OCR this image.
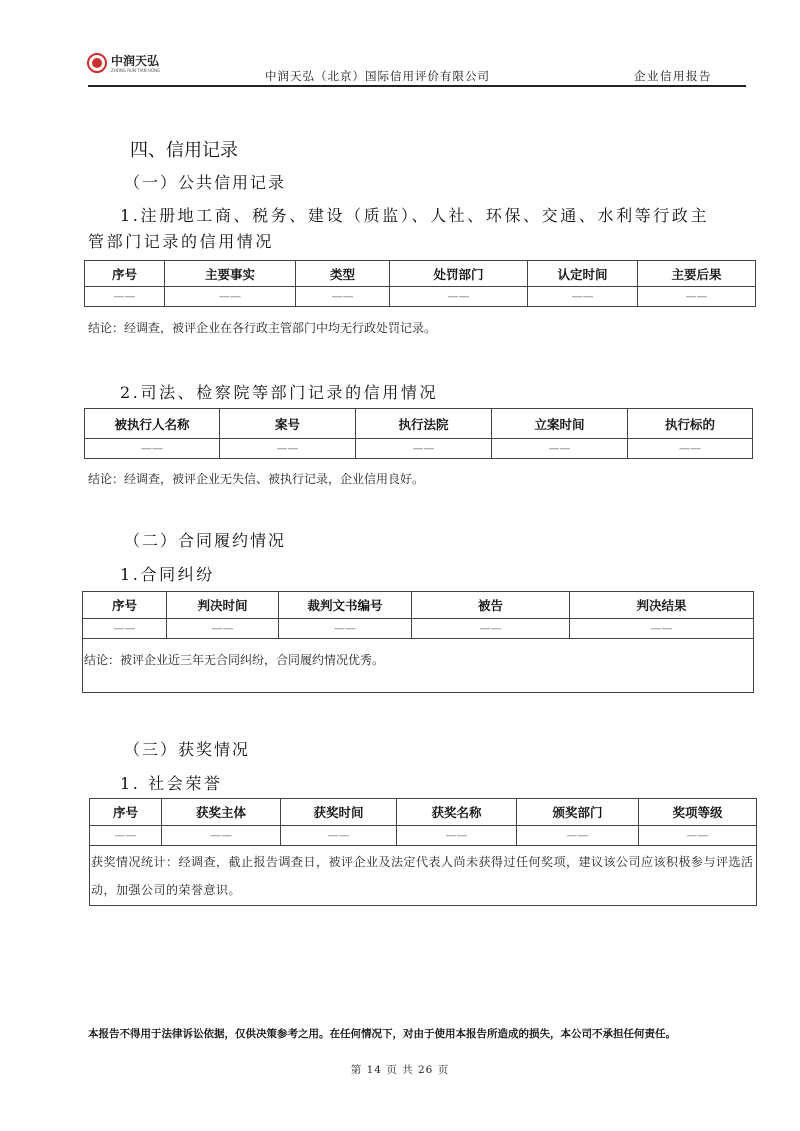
中润天弘
ZHONG RUN TIAN HONG	中润天弘（北京）国际信用评价有限公司	企业信用报告
四、信用记录
（一）公共信用记录
1.注册地工商、税务、建设（质监）、人社、环保、交通、水利等行政主
管部门记录的信用情况
序号	主要事实	类型	处罚部门	认定时间	主要后果
——	——	——	——	——	——
结论：经调查，被评企业在各行政主管部门中均无行政处罚记录。
2.司法、检察院等部门记录的信用情况
被执行人名称	案号	执行法院	立案时间	执行标的
——	——	——	——	——
结论：经调查，被评企业无失信、被执行记录，企业信用良好。
（二）合同履约情况
1.合同纠纷
序号	判决时间	裁判文书编号	被告	判决结果
——	——	——	——	——
结论：被评企业近三年无合同纠纷，合同履约情况优秀。				
（三）获奖情况
1. 社会荣誉
序号	获奖主体	获奖时间	获奖名称	颁奖部门	奖项等级
——	——	——	——	——	——
获奖情况统计：经调查，截止报告调查日，被评企业及法定代表人尚未获得过任何奖项，建议该公司应该积极参与评选活动，加强公司的荣誉意识。					
本报告不得用于法律诉讼依据，仅供决策参考之用。在任何情况下，对由于使用本报告所造成的损失，本公司不承担任何责任。
第 14 页 共 26 页
